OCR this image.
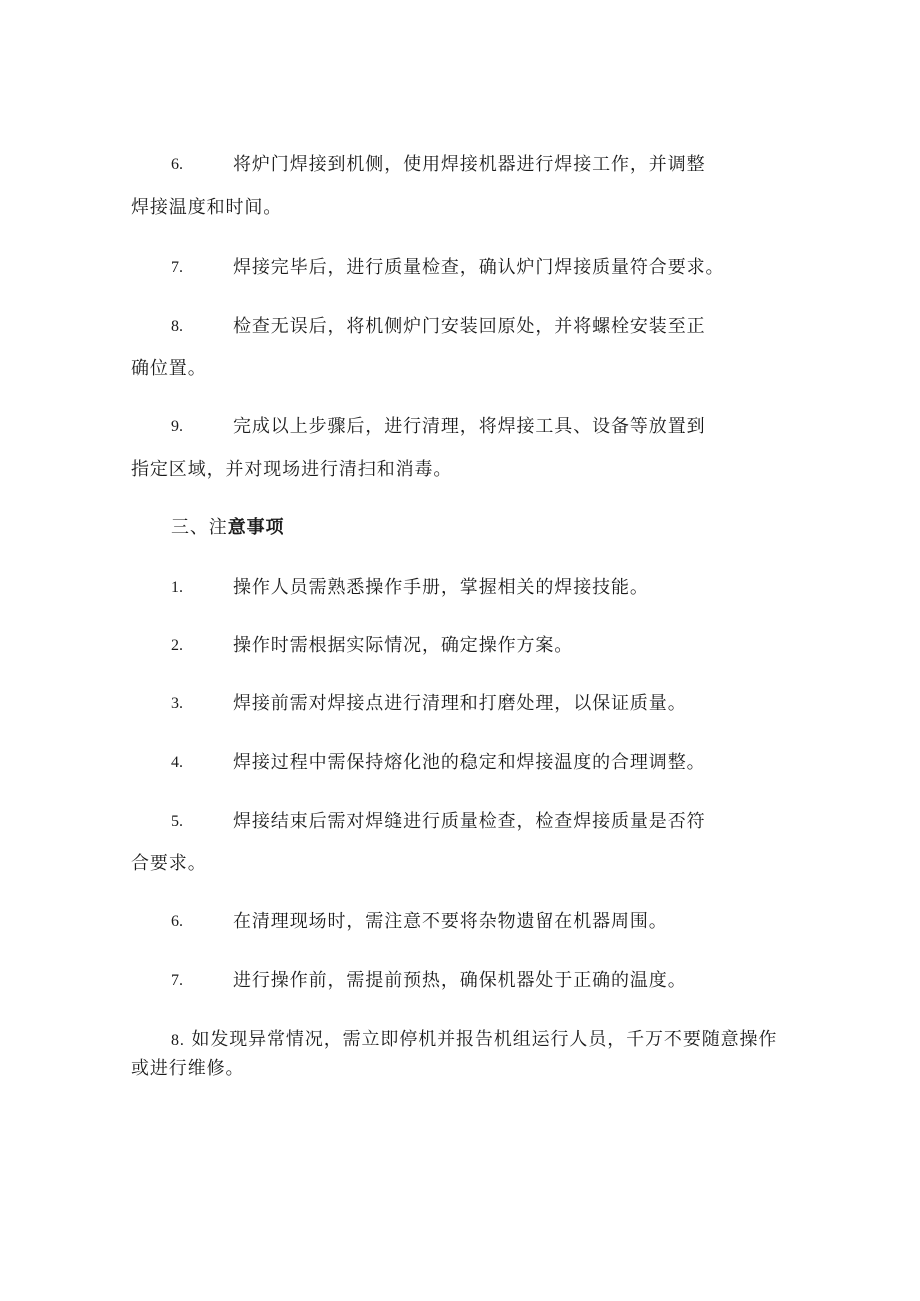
6.	将炉门焊接到机侧，使用焊接机器进行焊接工作，并调整
焊接温度和时间。
7.	焊接完毕后，进行质量检查，确认炉门焊接质量符合要求。
8.	检查无误后，将机侧炉门安装回原处，并将螺栓安装至正
确位置。
9.	完成以上步骤后，进行清理，将焊接工具、设备等放置到
指定区域，并对现场进行清扫和消毒。
三、注意事项
1.	操作人员需熟悉操作手册，掌握相关的焊接技能。
2.	操作时需根据实际情况，确定操作方案。
3.	焊接前需对焊接点进行清理和打磨处理，以保证质量。
4.	焊接过程中需保持熔化池的稳定和焊接温度的合理调整。
5.	焊接结束后需对焊缝进行质量检查，检查焊接质量是否符
合要求。
6.	在清理现场时，需注意不要将杂物遗留在机器周围。
7.	进行操作前，需提前预热，确保机器处于正确的温度。
8. 如发现异常情况，需立即停机并报告机组运行人员，千万不要随意操作或进行维修。
